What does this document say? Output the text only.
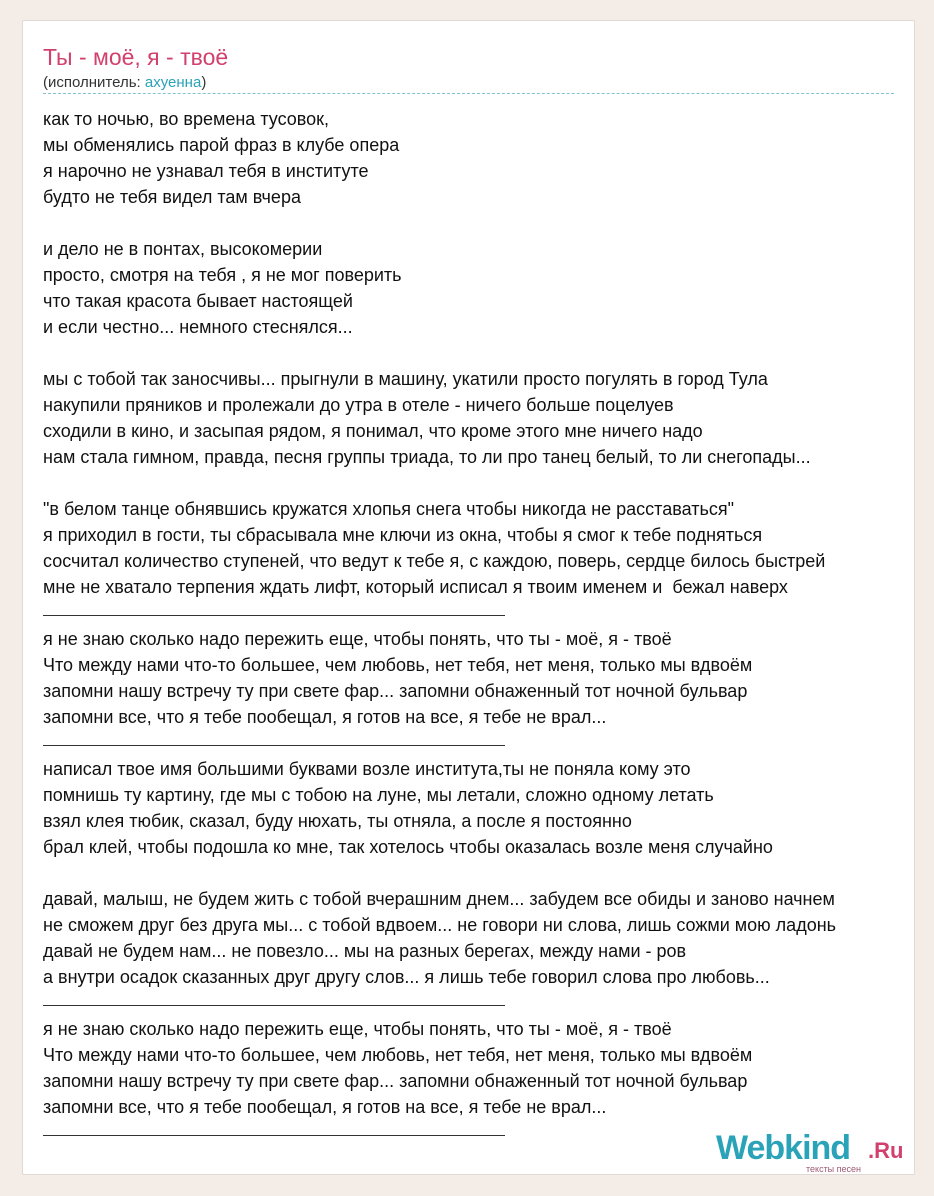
Ты - моё, я - твоё
(исполнитель: ахуенна)
как то ночью, во времена тусовок,
мы обменялись парой фраз в клубе опера
я нарочно не узнавал тебя в институте
будто не тебя видел там вчера
и дело не в понтах, высокомерии
просто, смотря на тебя , я не мог поверить
что такая красота бывает настоящей
и если честно... немного стеснялся...
мы с тобой так заносчивы... прыгнули в машину, укатили просто погулять в город Тула
накупили пряников и пролежали до утра в отеле - ничего больше поцелуев
сходили в кино, и засыпая рядом, я понимал, что кроме этого мне ничего надо
нам стала гимном, правда, песня группы триада, то ли про танец белый, то ли снегопады...
"в белом танце обнявшись кружатся хлопья снега чтобы никогда не расставаться"
я приходил в гости, ты сбрасывала мне ключи из окна, чтобы я смог к тебе подняться
сосчитал количество ступеней, что ведут к тебе я, с каждою, поверь, сердце билось быстрей
мне не хватало терпения ждать лифт, который исписал я твоим именем и  бежал наверх
я не знаю сколько надо пережить еще, чтобы понять, что ты - моё, я - твоё
Что между нами что-то большее, чем любовь, нет тебя, нет меня, только мы вдвоём
запомни нашу встречу ту при свете фар... запомни обнаженный тот ночной бульвар
запомни все, что я тебе пообещал, я готов на все, я тебе не врал...
написал твое имя большими буквами возле института,ты не поняла кому это
помнишь ту картину, где мы с тобою на луне, мы летали, сложно одному летать
взял клея тюбик, сказал, буду нюхать, ты отняла, а после я постоянно
брал клей, чтобы подошла ко мне, так хотелось чтобы оказалась возле меня случайно
давай, малыш, не будем жить с тобой вчерашним днем... забудем все обиды и заново начнем
не сможем друг без друга мы... с тобой вдвоем... не говори ни слова, лишь сожми мою ладонь
давай не будем нам... не повезло... мы на разных берегах, между нами - ров
а внутри осадок сказанных друг другу слов... я лишь тебе говорил слова про любовь...
я не знаю сколько надо пережить еще, чтобы понять, что ты - моё, я - твоё
Что между нами что-то большее, чем любовь, нет тебя, нет меня, только мы вдвоём
запомни нашу встречу ту при свете фар... запомни обнаженный тот ночной бульвар
запомни все, что я тебе пообещал, я готов на все, я тебе не врал...
Webkind .Ru
тексты песен
